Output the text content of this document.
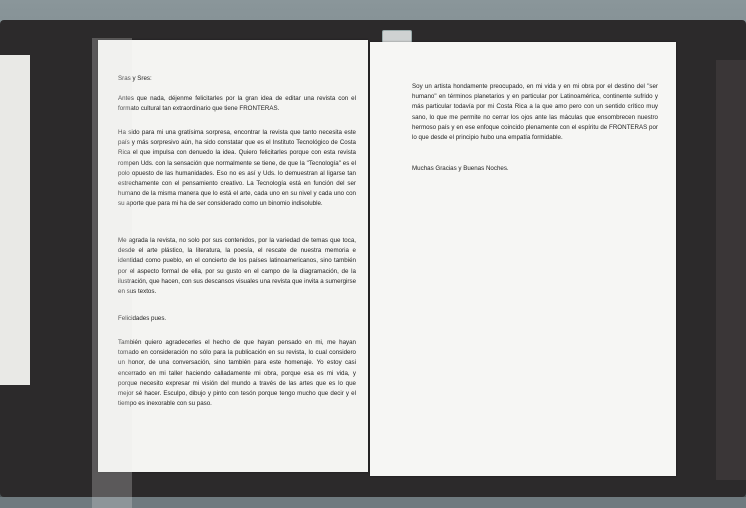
Sras y Sres:
Antes que nada, déjenme felicitarles por la gran idea de editar una revista con el formato cultural tan extraordinario que tiene FRONTERAS.
Ha sido para mi una gratísima sorpresa, encontrar la revista que tanto necesita este país y más sorpresivo aún, ha sido constatar que es el Instituto Tecnológico de Costa Rica el que impulsa con denuedo la idea. Quiero felicitarles porque con esta revista rompen Uds. con la sensación que normalmente se tiene, de que la "Tecnología" es el polo opuesto de las humanidades. Eso no es así y Uds. lo demuestran al ligarse tan estrechamente con el pensamiento creativo. La Tecnología está en función del ser humano de la misma manera que lo está el arte, cada uno en su nivel y cada uno con su aporte que para mi ha de ser considerado como un binomio indisoluble.
Me agrada la revista, no solo por sus contenidos, por la variedad de temas que toca, desde el arte plástico, la literatura, la poesía, el rescate de nuestra memoria e identidad como pueblo, en el concierto de los países latinoamericanos, sino también por el aspecto formal de ella, por su gusto en el campo de la diagramación, de la ilustración, que hacen, con sus descansos visuales una revista que invita a sumergirse en sus textos.
Felicidades pues.
También quiero agradecerles el hecho de que hayan pensado en mi, me hayan tomado en consideración no sólo para la publicación en su revista, lo cual considero un honor, de una conversación, sino también para este homenaje. Yo estoy casi encerrado en mi taller haciendo calladamente mi obra, porque esa es mi vida, y porque necesito expresar mi visión del mundo a través de las artes que es lo que mejor sé hacer. Esculpo, dibujo y pinto con tesón porque tengo mucho que decir y el tiempo es inexorable con su paso.
Soy un artista hondamente preocupado, en mi vida y en mi obra por el destino del "ser humano" en términos planetarios y en particular por Latinoamérica, continente sufrido y más particular todavía por mi Costa Rica a la que amo pero con un sentido crítico muy sano, lo que me permite no cerrar los ojos ante las máculas que ensombrecen nuestro hermoso país y en ese enfoque coincido plenamente con el espíritu de FRONTERAS por lo que desde el principio hubo una empatía formidable.
Muchas Gracias y Buenas Noches.
